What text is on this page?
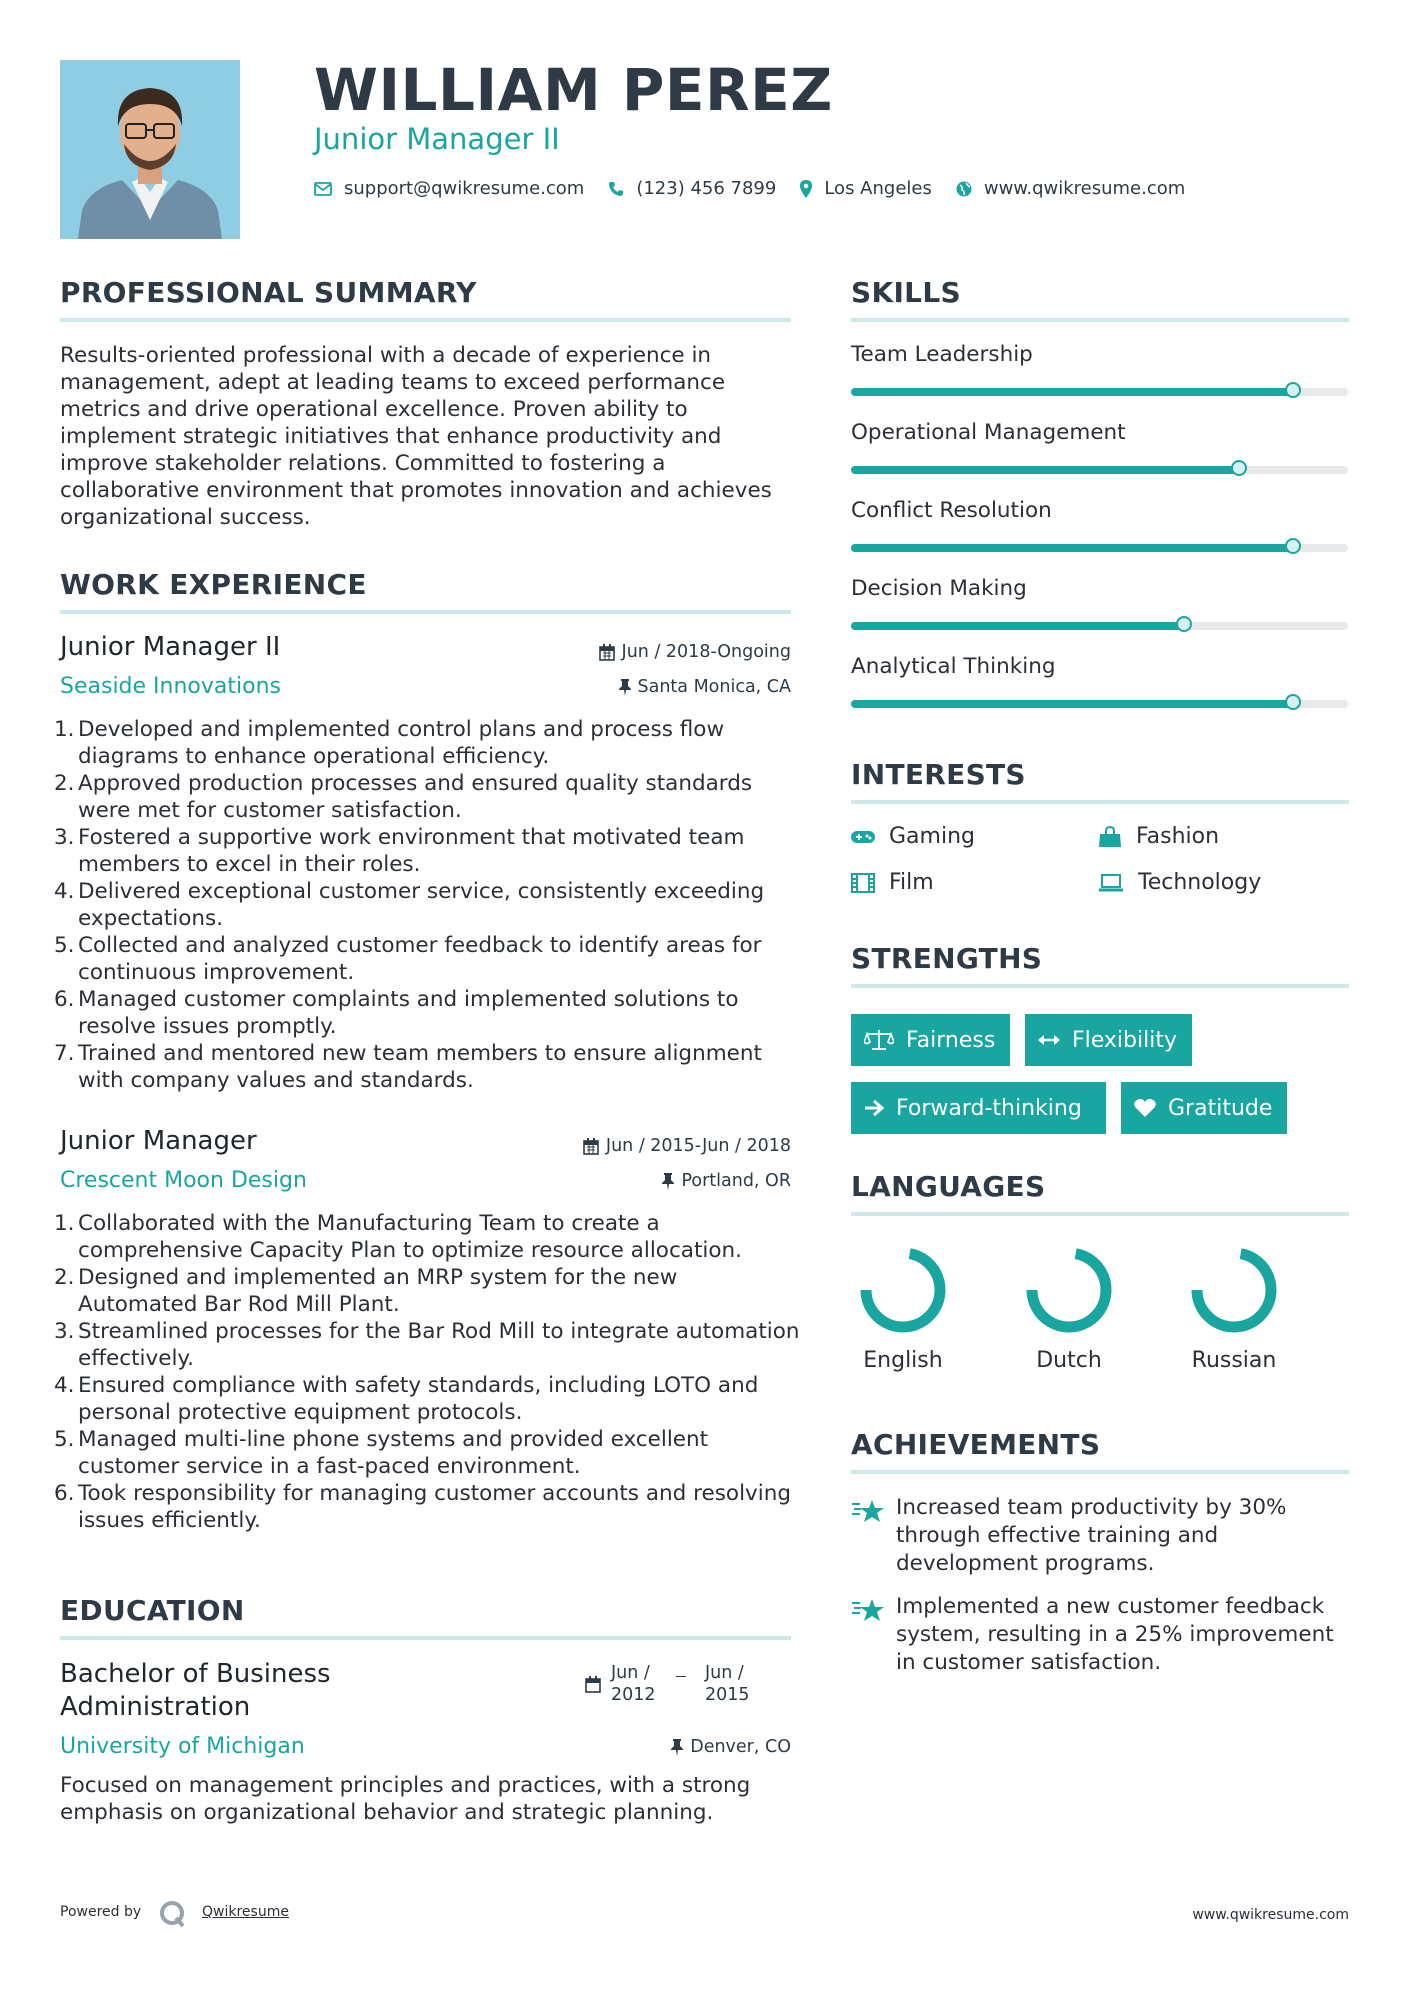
WILLIAM PEREZ
Junior Manager II
support@qwikresume.com	(123) 456 7899	Los Angeles	www.qwikresume.com
PROFESSIONAL SUMMARY
Results-oriented professional with a decade of experience in management, adept at leading teams to exceed performance metrics and drive operational excellence. Proven ability to implement strategic initiatives that enhance productivity and improve stakeholder relations. Committed to fostering a collaborative environment that promotes innovation and achieves organizational success.
WORK EXPERIENCE
Junior Manager II
Seaside Innovations
Jun / 2018-Ongoing
Santa Monica, CA
1. Developed and implemented control plans and process flow diagrams to enhance operational efficiency.
2. Approved production processes and ensured quality standards were met for customer satisfaction.
3. Fostered a supportive work environment that motivated team members to excel in their roles.
4. Delivered exceptional customer service, consistently exceeding expectations.
5. Collected and analyzed customer feedback to identify areas for continuous improvement.
6. Managed customer complaints and implemented solutions to resolve issues promptly.
7. Trained and mentored new team members to ensure alignment with company values and standards.
Junior Manager
Crescent Moon Design
Jun / 2015-Jun / 2018
Portland, OR
1. Collaborated with the Manufacturing Team to create a comprehensive Capacity Plan to optimize resource allocation.
2. Designed and implemented an MRP system for the new Automated Bar Rod Mill Plant.
3. Streamlined processes for the Bar Rod Mill to integrate automation effectively.
4. Ensured compliance with safety standards, including LOTO and personal protective equipment protocols.
5. Managed multi-line phone systems and provided excellent customer service in a fast-paced environment.
6. Took responsibility for managing customer accounts and resolving issues efficiently.
EDUCATION
Bachelor of Business
Administration
Jun /
2012
Jun /
2015
University of Michigan	Denver, CO
Focused on management principles and practices, with a strong emphasis on organizational behavior and strategic planning.
SKILLS
Team Leadership
Operational Management
Conflict Resolution
Decision Making
Analytical Thinking
INTERESTS
Gaming	Fashion
Film	Technology
STRENGTHS
Fairness	Flexibility
Forward-thinking	Gratitude
LANGUAGES
English	Dutch	Russian
ACHIEVEMENTS
Increased team productivity by 30% through effective training and development programs.
Implemented a new customer feedback system, resulting in a 25% improvement in customer satisfaction.
Powered by	Qwikresume	www.qwikresume.com
